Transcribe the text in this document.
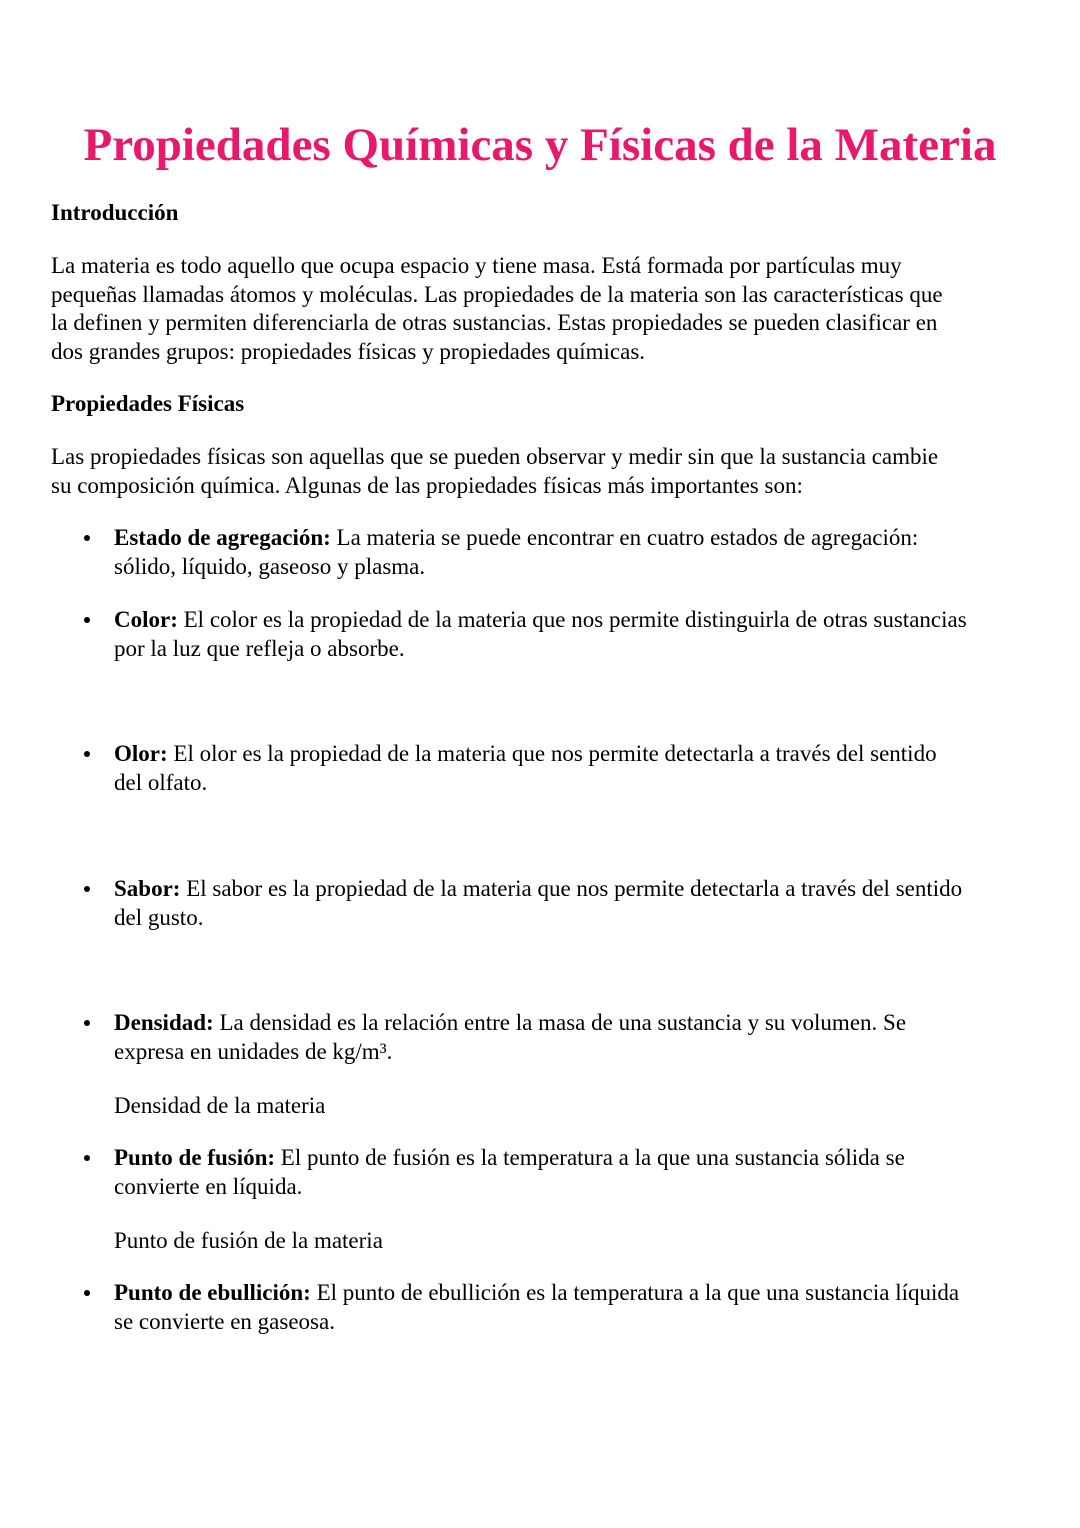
Propiedades Químicas y Físicas de la Materia
Introducción

La materia es todo aquello que ocupa espacio y tiene masa. Está formada por partículas muy
pequeñas llamadas átomos y moléculas. Las propiedades de la materia son las características que
la definen y permiten diferenciarla de otras sustancias. Estas propiedades se pueden clasificar en
dos grandes grupos: propiedades físicas y propiedades químicas.

Propiedades Físicas

Las propiedades físicas son aquellas que se pueden observar y medir sin que la sustancia cambie
su composición química. Algunas de las propiedades físicas más importantes son:

Estado de agregación: La materia se puede encontrar en cuatro estados de agregación:
sólido, líquido, gaseoso y plasma.
Color: El color es la propiedad de la materia que nos permite distinguirla de otras sustancias
por la luz que refleja o absorbe.
Olor: El olor es la propiedad de la materia que nos permite detectarla a través del sentido
del olfato.
Sabor: El sabor es la propiedad de la materia que nos permite detectarla a través del sentido
del gusto.
Densidad: La densidad es la relación entre la masa de una sustancia y su volumen. Se
expresa en unidades de kg/m³.

Densidad de la materia

Punto de fusión: El punto de fusión es la temperatura a la que una sustancia sólida se
convierte en líquida.

Punto de fusión de la materia

Punto de ebullición: El punto de ebullición es la temperatura a la que una sustancia líquida
se convierte en gaseosa.
